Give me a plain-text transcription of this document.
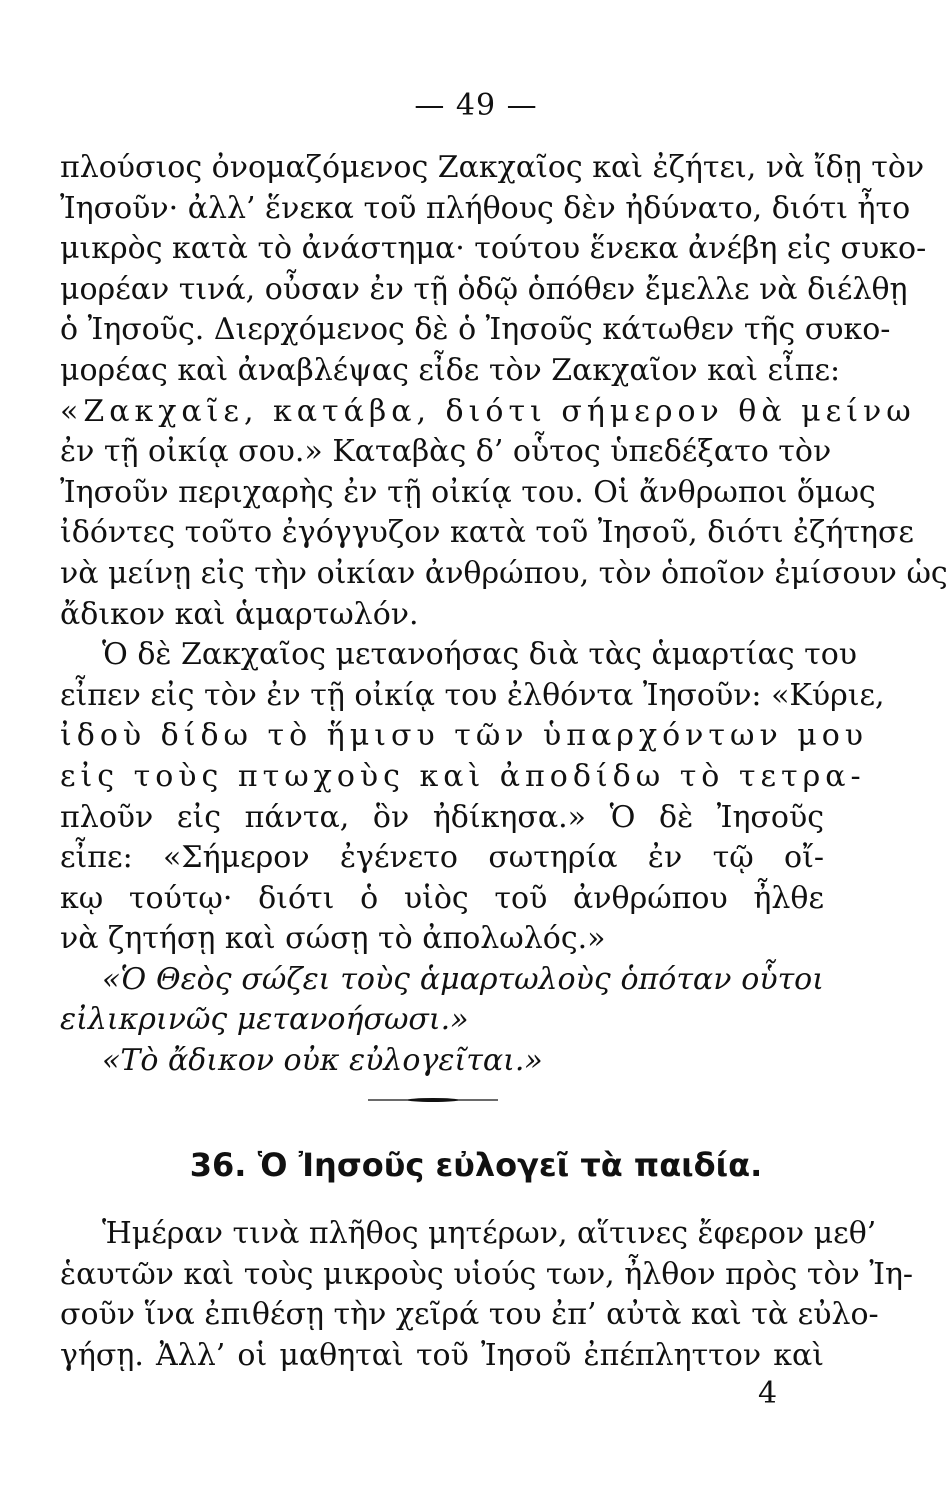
— 49 —
πλούσιος ὀνομαζόμενος Ζακχαῖος καὶ ἐζήτει, νὰ ἴδῃ τὸν
Ἰησοῦν· ἀλλ’ ἕνεκα τοῦ πλήθους δὲν ἠδύνατο, διότι ἦτο
μικρὸς κατὰ τὸ ἀνάστημα· τούτου ἕνεκα ἀνέβη εἰς συκο-
μορέαν τινά, οὖσαν ἐν τῇ ὁδῷ ὁπόθεν ἔμελλε νὰ διέλθῃ
ὁ Ἰησοῦς. Διερχόμενος δὲ ὁ Ἰησοῦς κάτωθεν τῆς συκο-
μορέας καὶ ἀναβλέψας εἶδε τὸν Ζακχαῖον καὶ εἶπε:
«Ζακχαῖε, κατάβα, διότι σήμερον θὰ μείνω
ἐν τῇ οἰκίᾳ σου.» Καταβὰς δ’ οὗτος ὑπεδέξατο τὸν
Ἰησοῦν περιχαρὴς ἐν τῇ οἰκίᾳ του. Οἱ ἄνθρωποι ὅμως
ἰδόντες τοῦτο ἐγόγγυζον κατὰ τοῦ Ἰησοῦ, διότι ἐζήτησε
νὰ μείνῃ εἰς τὴν οἰκίαν ἀνθρώπου, τὸν ὁποῖον ἐμίσουν ὡς
ἄδικον καὶ ἁμαρτωλόν.
Ὁ δὲ Ζακχαῖος μετανοήσας διὰ τὰς ἁμαρτίας του
εἶπεν εἰς τὸν ἐν τῇ οἰκίᾳ του ἐλθόντα Ἰησοῦν: «Κύριε,
ἰδοὺ δίδω τὸ ἥμισυ τῶν ὑπαρχόντων μου
εἰς τοὺς πτωχοὺς καὶ ἀποδίδω τὸ τετρα-
πλοῦν εἰς πάντα, ὃν ἠδίκησα.» Ὁ δὲ Ἰησοῦς
εἶπε: «Σήμερον ἐγένετο σωτηρία ἐν τῷ οἴ-
κῳ τούτῳ· διότι ὁ υἱὸς τοῦ ἀνθρώπου ἦλθε
νὰ ζητήσῃ καὶ σώσῃ τὸ ἀπολωλός.»
«Ὁ Θεὸς σώζει τοὺς ἁμαρτωλοὺς ὁπόταν οὗτοι
εἰλικρινῶς μετανοήσωσι.»
«Τὸ ἄδικον οὐκ εὐλογεῖται.»
36. Ὁ Ἰησοῦς εὐλογεῖ τὰ παιδία.
Ἡμέραν τινὰ πλῆθος μητέρων, αἵτινες ἔφερον μεθ’
ἑαυτῶν καὶ τοὺς μικροὺς υἱούς των, ἦλθον πρὸς τὸν Ἰη-
σοῦν ἵνα ἐπιθέσῃ τὴν χεῖρά του ἐπ’ αὐτὰ καὶ τὰ εὐλο-
γήσῃ. Ἀλλ’ οἱ μαθηταὶ τοῦ Ἰησοῦ ἐπέπληττον καὶ
4
